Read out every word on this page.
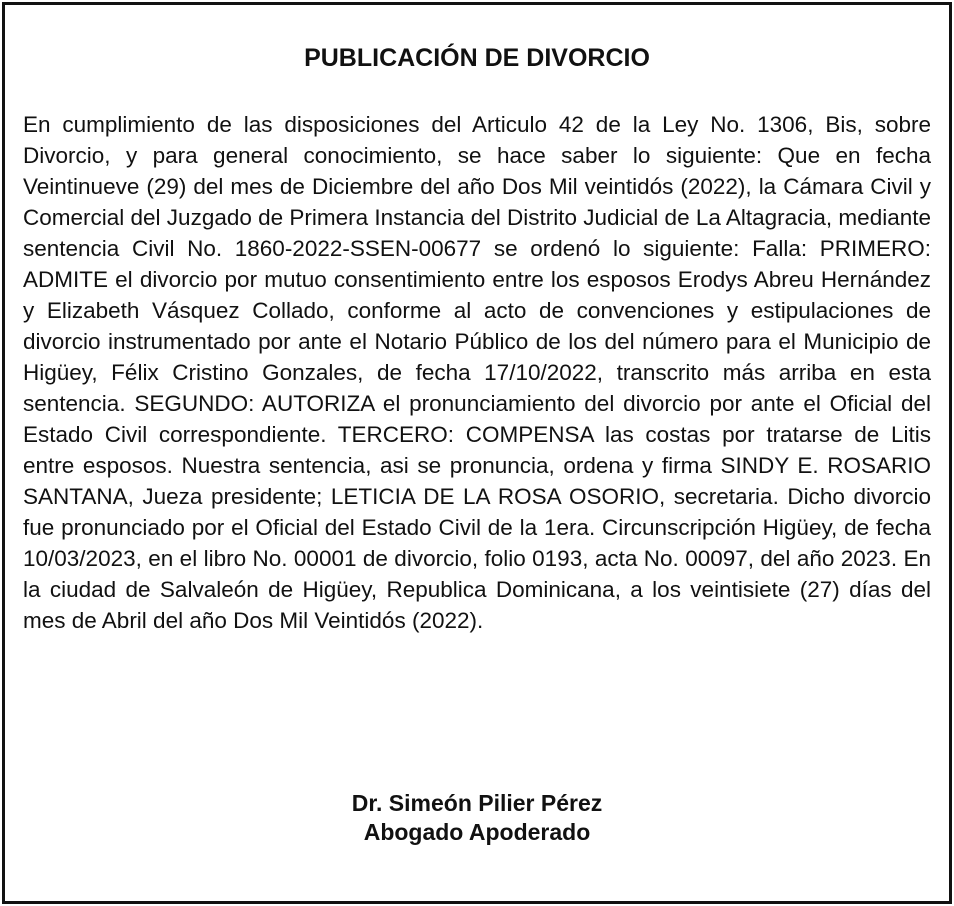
PUBLICACIÓN DE DIVORCIO
En cumplimiento de las disposiciones del Articulo 42 de la Ley No. 1306, Bis, sobre Divorcio, y para general conocimiento, se hace saber lo siguiente: Que en fecha Veintinueve (29) del mes de Diciembre del año Dos Mil veintidós (2022), la Cámara Civil y Comercial del Juzgado de Primera Instancia del Distrito Judicial de La Altagracia, mediante sentencia Civil No. 1860-2022-SSEN-00677 se ordenó lo siguiente: Falla: PRIMERO: ADMITE el divorcio por mutuo consentimiento entre los esposos Erodys Abreu Hernández y Elizabeth Vásquez Collado, conforme al acto de convenciones y estipulaciones de divorcio instrumentado por ante el Notario Público de los del número para el Municipio de Higüey, Félix Cristino Gonzales, de fecha 17/10/2022, transcrito más arriba en esta sentencia. SEGUNDO: AUTORIZA el pronunciamiento del divorcio por ante el Oficial del Estado Civil correspondiente. TERCERO: COMPENSA las costas por tratarse de Litis entre esposos. Nuestra sentencia, asi se pronuncia, ordena y firma SINDY E. ROSARIO SANTANA, Jueza presidente; LETICIA DE LA ROSA OSORIO, secretaria. Dicho divorcio fue pronunciado por el Oficial del Estado Civil de la 1era. Circunscripción Higüey, de fecha 10/03/2023, en el libro No. 00001 de divorcio, folio 0193, acta No. 00097, del año 2023. En la ciudad de Salvaleón de Higüey, Republica Dominicana, a los veintisiete (27) días del mes de Abril del año Dos Mil Veintidós (2022).
Dr. Simeón Pilier Pérez
Abogado Apoderado
